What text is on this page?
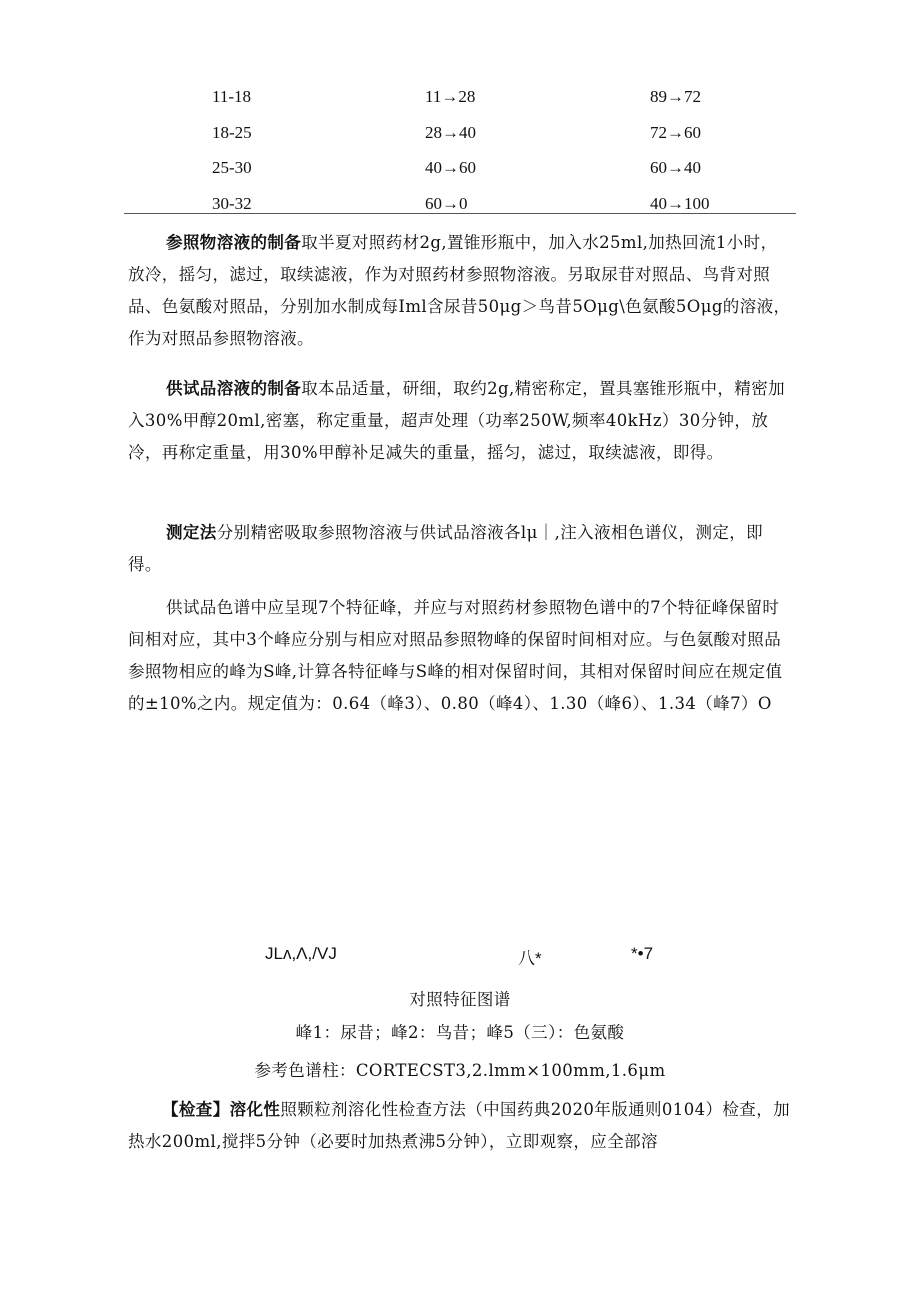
11-18	11→28	89→72
18-25	28→40	72→60
25-30	40→60	60→40
30-32	60→0	40→100

参照物溶液的制备取半夏对照药材2g,置锥形瓶中，加入水25ml,加热回流1小时，放冷，摇匀，滤过，取续滤液，作为对照药材参照物溶液。另取尿苷对照品、鸟背对照品、色氨酸对照品，分别加水制成每Iml含尿昔50μg＞鸟昔5Oμg\色氨酸5Oμg的溶液，作为对照品参照物溶液。

供试品溶液的制备取本品适量，研细，取约2g,精密称定，置具塞锥形瓶中，精密加入30%甲醇20ml,密塞，称定重量，超声处理（功率250W,频率40kHz）30分钟，放冷，再称定重量，用30%甲醇补足减失的重量，摇匀，滤过，取续滤液，即得。

测定法分别精密吸取参照物溶液与供试品溶液各lμ｜,注入液相色谱仪，测定，即得。

供试品色谱中应呈现7个特征峰，并应与对照药材参照物色谱中的7个特征峰保留时间相对应，其中3个峰应分别与相应对照品参照物峰的保留时间相对应。与色氨酸对照品参照物相应的峰为S峰,计算各特征峰与S峰的相对保留时间，其相对保留时间应在规定值的±10%之内。规定值为：0.64（峰3）、0.80（峰4）、1.30（峰6）、1.34（峰7）O

JLʌ,Λ,/VJ	八*	*•7
对照特征图谱
峰1：尿昔；峰2：鸟昔；峰5（三）：色氨酸
参考色谱柱：CORTECST3,2.lmm×100mm,1.6μm

【检查】溶化性照颗粒剂溶化性检查方法（中国药典2020年版通则0104）检查，加热水200ml,搅拌5分钟（必要时加热煮沸5分钟），立即观察，应全部溶
